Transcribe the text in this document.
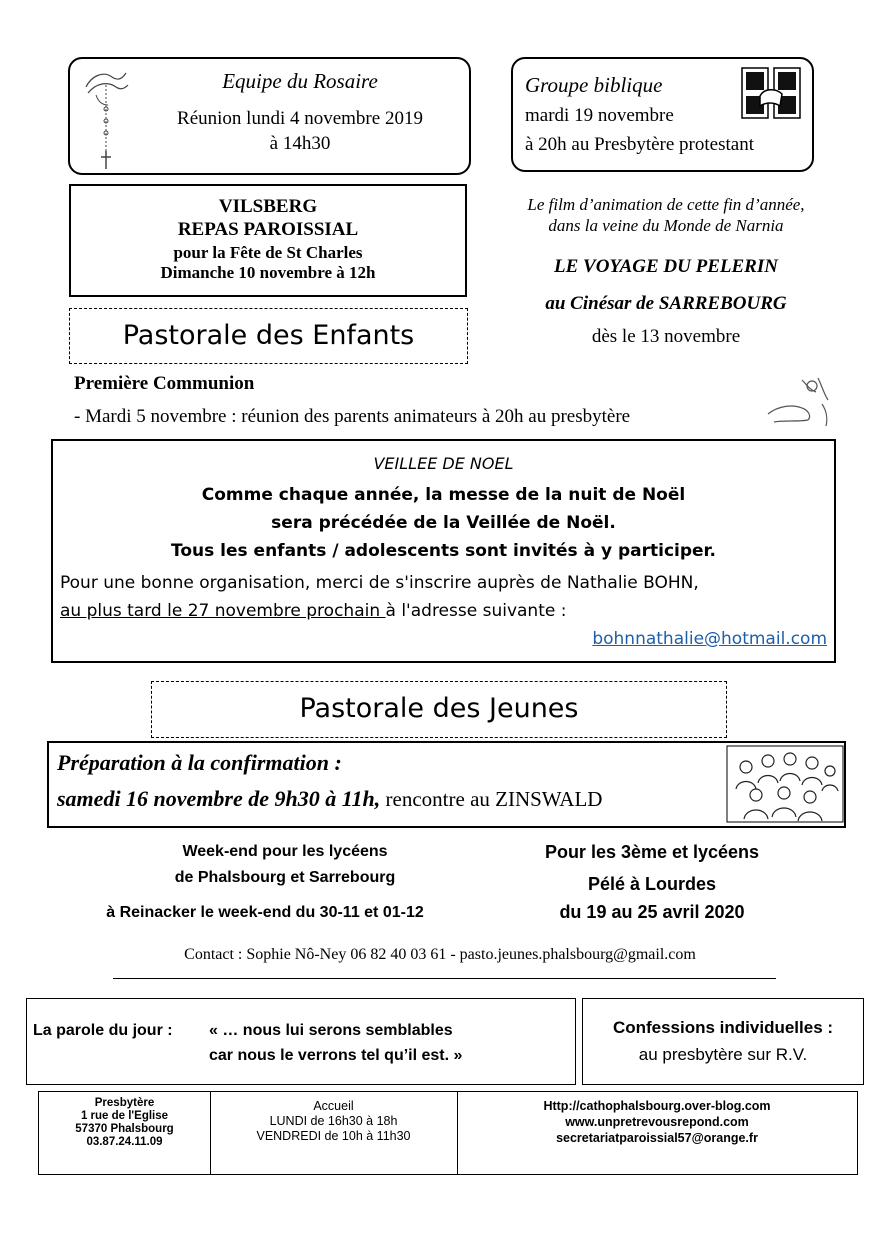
Equipe du Rosaire
Réunion lundi 4 novembre 2019
à 14h30
Groupe biblique
mardi 19 novembre
à 20h au Presbytère protestant
VILSBERG
REPAS PAROISSIAL
pour la Fête de St Charles
Dimanche 10 novembre à 12h
Le film d’animation de cette fin d’année,
dans la veine du Monde de Narnia
LE VOYAGE DU PELERIN
au Cinésar de SARREBOURG
dès le 13 novembre
Pastorale des Enfants
Première Communion
- Mardi 5 novembre : réunion des parents animateurs à 20h au presbytère
VEILLEE DE NOEL
Comme chaque année, la messe de la nuit de Noël
sera précédée de la Veillée de Noël.
Tous les enfants / adolescents sont invités à y participer.
Pour une bonne organisation, merci de s'inscrire auprès de Nathalie BOHN,
au plus tard le 27 novembre prochain à l'adresse suivante :
bohnnathalie@hotmail.com
Pastorale des Jeunes
Préparation à la confirmation :
samedi 16 novembre de 9h30 à 11h, rencontre au ZINSWALD
Week-end pour les lycéens
de Phalsbourg et Sarrebourg
à Reinacker le week-end du 30-11 et 01-12
Pour les 3ème et lycéens
Pélé à Lourdes
du 19 au 25 avril 2020
Contact : Sophie Nô-Ney 06 82 40 03 61 - pasto.jeunes.phalsbourg@gmail.com
La parole du jour : « … nous lui serons semblables
car nous le verrons tel qu’il est. »
Confessions individuelles :
au presbytère sur R.V.
Presbytère
1 rue de l'Eglise
57370 Phalsbourg
03.87.24.11.09
Accueil
LUNDI de 16h30 à 18h
VENDREDI de 10h à 11h30
Http://cathophalsbourg.over-blog.com
www.unpretrevousrepond.com
secretariatparoissial57@orange.fr
